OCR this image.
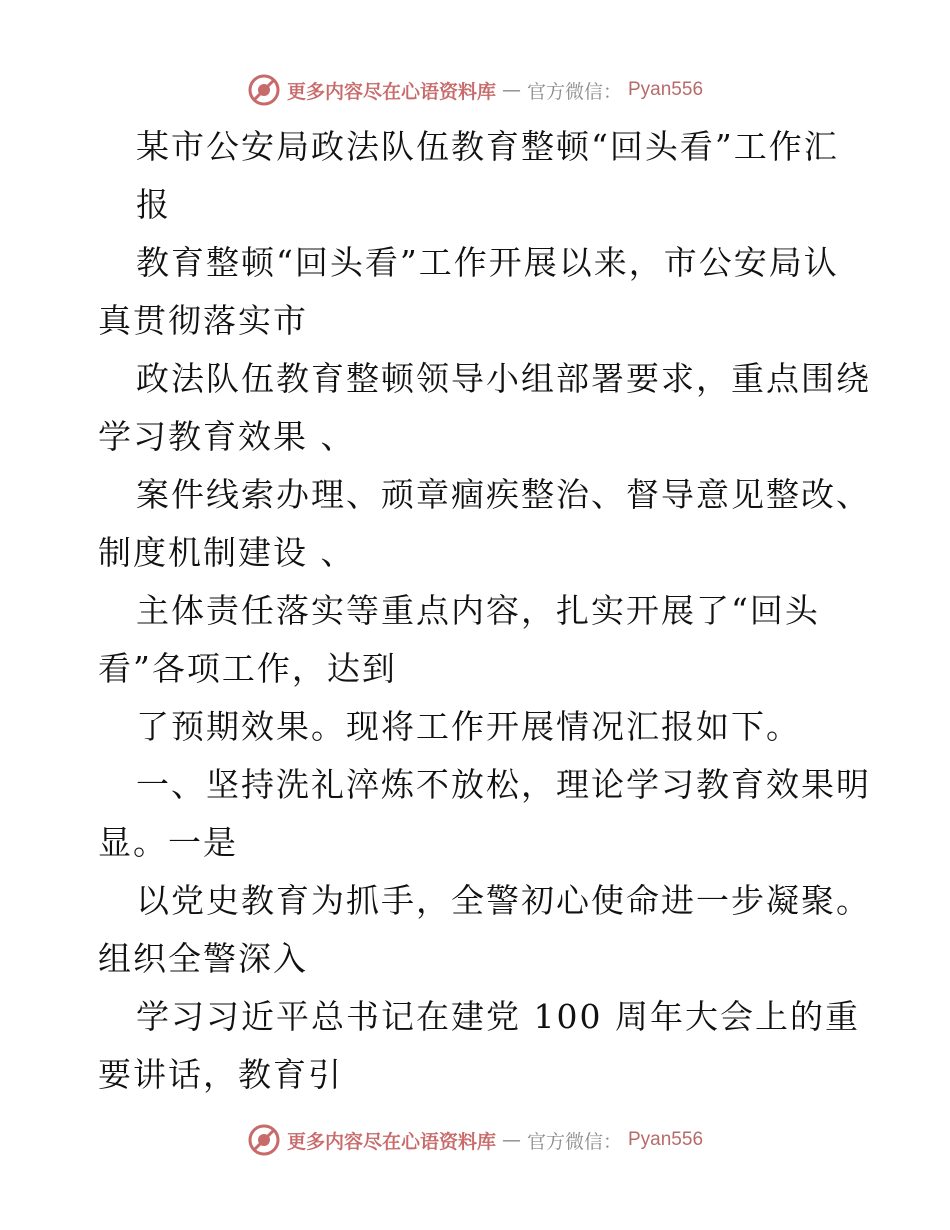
更多内容尽在心语资料库 — 官方微信： Pyan556
某市公安局政法队伍教育整顿“回头看”工作汇
报
教育整顿“回头看”工作开展以来，市公安局认
真贯彻落实市
政法队伍教育整顿领导小组部署要求，重点围绕
学习教育效果 、
案件线索办理、顽章痼疾整治、督导意见整改、
制度机制建设 、
主体责任落实等重点内容，扎实开展了“回头
看”各项工作，达到
了预期效果。现将工作开展情况汇报如下。
一、坚持洗礼淬炼不放松，理论学习教育效果明
显。一是
以党史教育为抓手，全警初心使命进一步凝聚。
组织全警深入
学习习近平总书记在建党 100 周年大会上的重
要讲话，教育引
更多内容尽在心语资料库 — 官方微信： Pyan556
